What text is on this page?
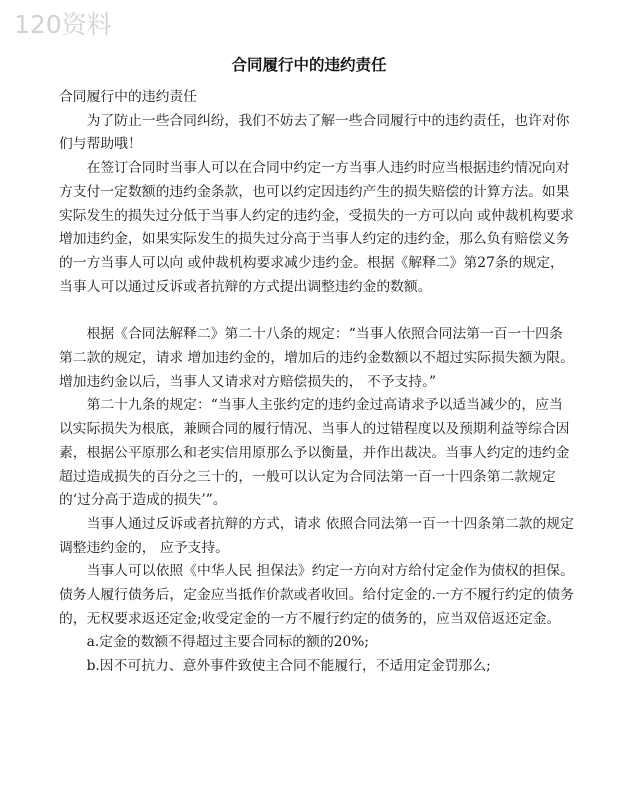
120资料
合同履行中的违约责任

合同履行中的违约责任

为了防止一些合同纠纷，我们不妨去了解一些合同履行中的违约责任，也许对你们与帮助哦！

在签订合同时当事人可以在合同中约定一方当事人违约时应当根据违约情况向对方支付一定数额的违约金条款，也可以约定因违约产生的损失赔偿的计算方法。如果实际发生的损失过分低于当事人约定的违约金，受损失的一方可以向 或仲裁机构要求增加违约金，如果实际发生的损失过分高于当事人约定的违约金，那么负有赔偿义务的一方当事人可以向 或仲裁机构要求减少违约金。根据《解释二》第27条的规定，当事人可以通过反诉或者抗辩的方式提出调整违约金的数额。

根据《合同法解释二》第二十八条的规定：“当事人依照合同法第一百一十四条第二款的规定，请求 增加违约金的，增加后的违约金数额以不超过实际损失额为限。增加违约金以后，当事人又请求对方赔偿损失的， 不予支持。”

第二十九条的规定：“当事人主张约定的违约金过高请求予以适当减少的，应当以实际损失为根底，兼顾合同的履行情况、当事人的过错程度以及预期利益等综合因素，根据公平原那么和老实信用原那么予以衡量，并作出裁决。当事人约定的违约金超过造成损失的百分之三十的，一般可以认定为合同法第一百一十四条第二款规定的‘过分高于造成的损失’”。

当事人通过反诉或者抗辩的方式，请求 依照合同法第一百一十四条第二款的规定调整违约金的， 应予支持。

当事人可以依照《中华人民 担保法》约定一方向对方给付定金作为债权的担保。债务人履行债务后，定金应当抵作价款或者收回。给付定金的.一方不履行约定的债务的，无权要求返还定金;收受定金的一方不履行约定的债务的，应当双倍返还定金。

a.定金的数额不得超过主要合同标的额的20%;

b.因不可抗力、意外事件致使主合同不能履行，不适用定金罚那么;
